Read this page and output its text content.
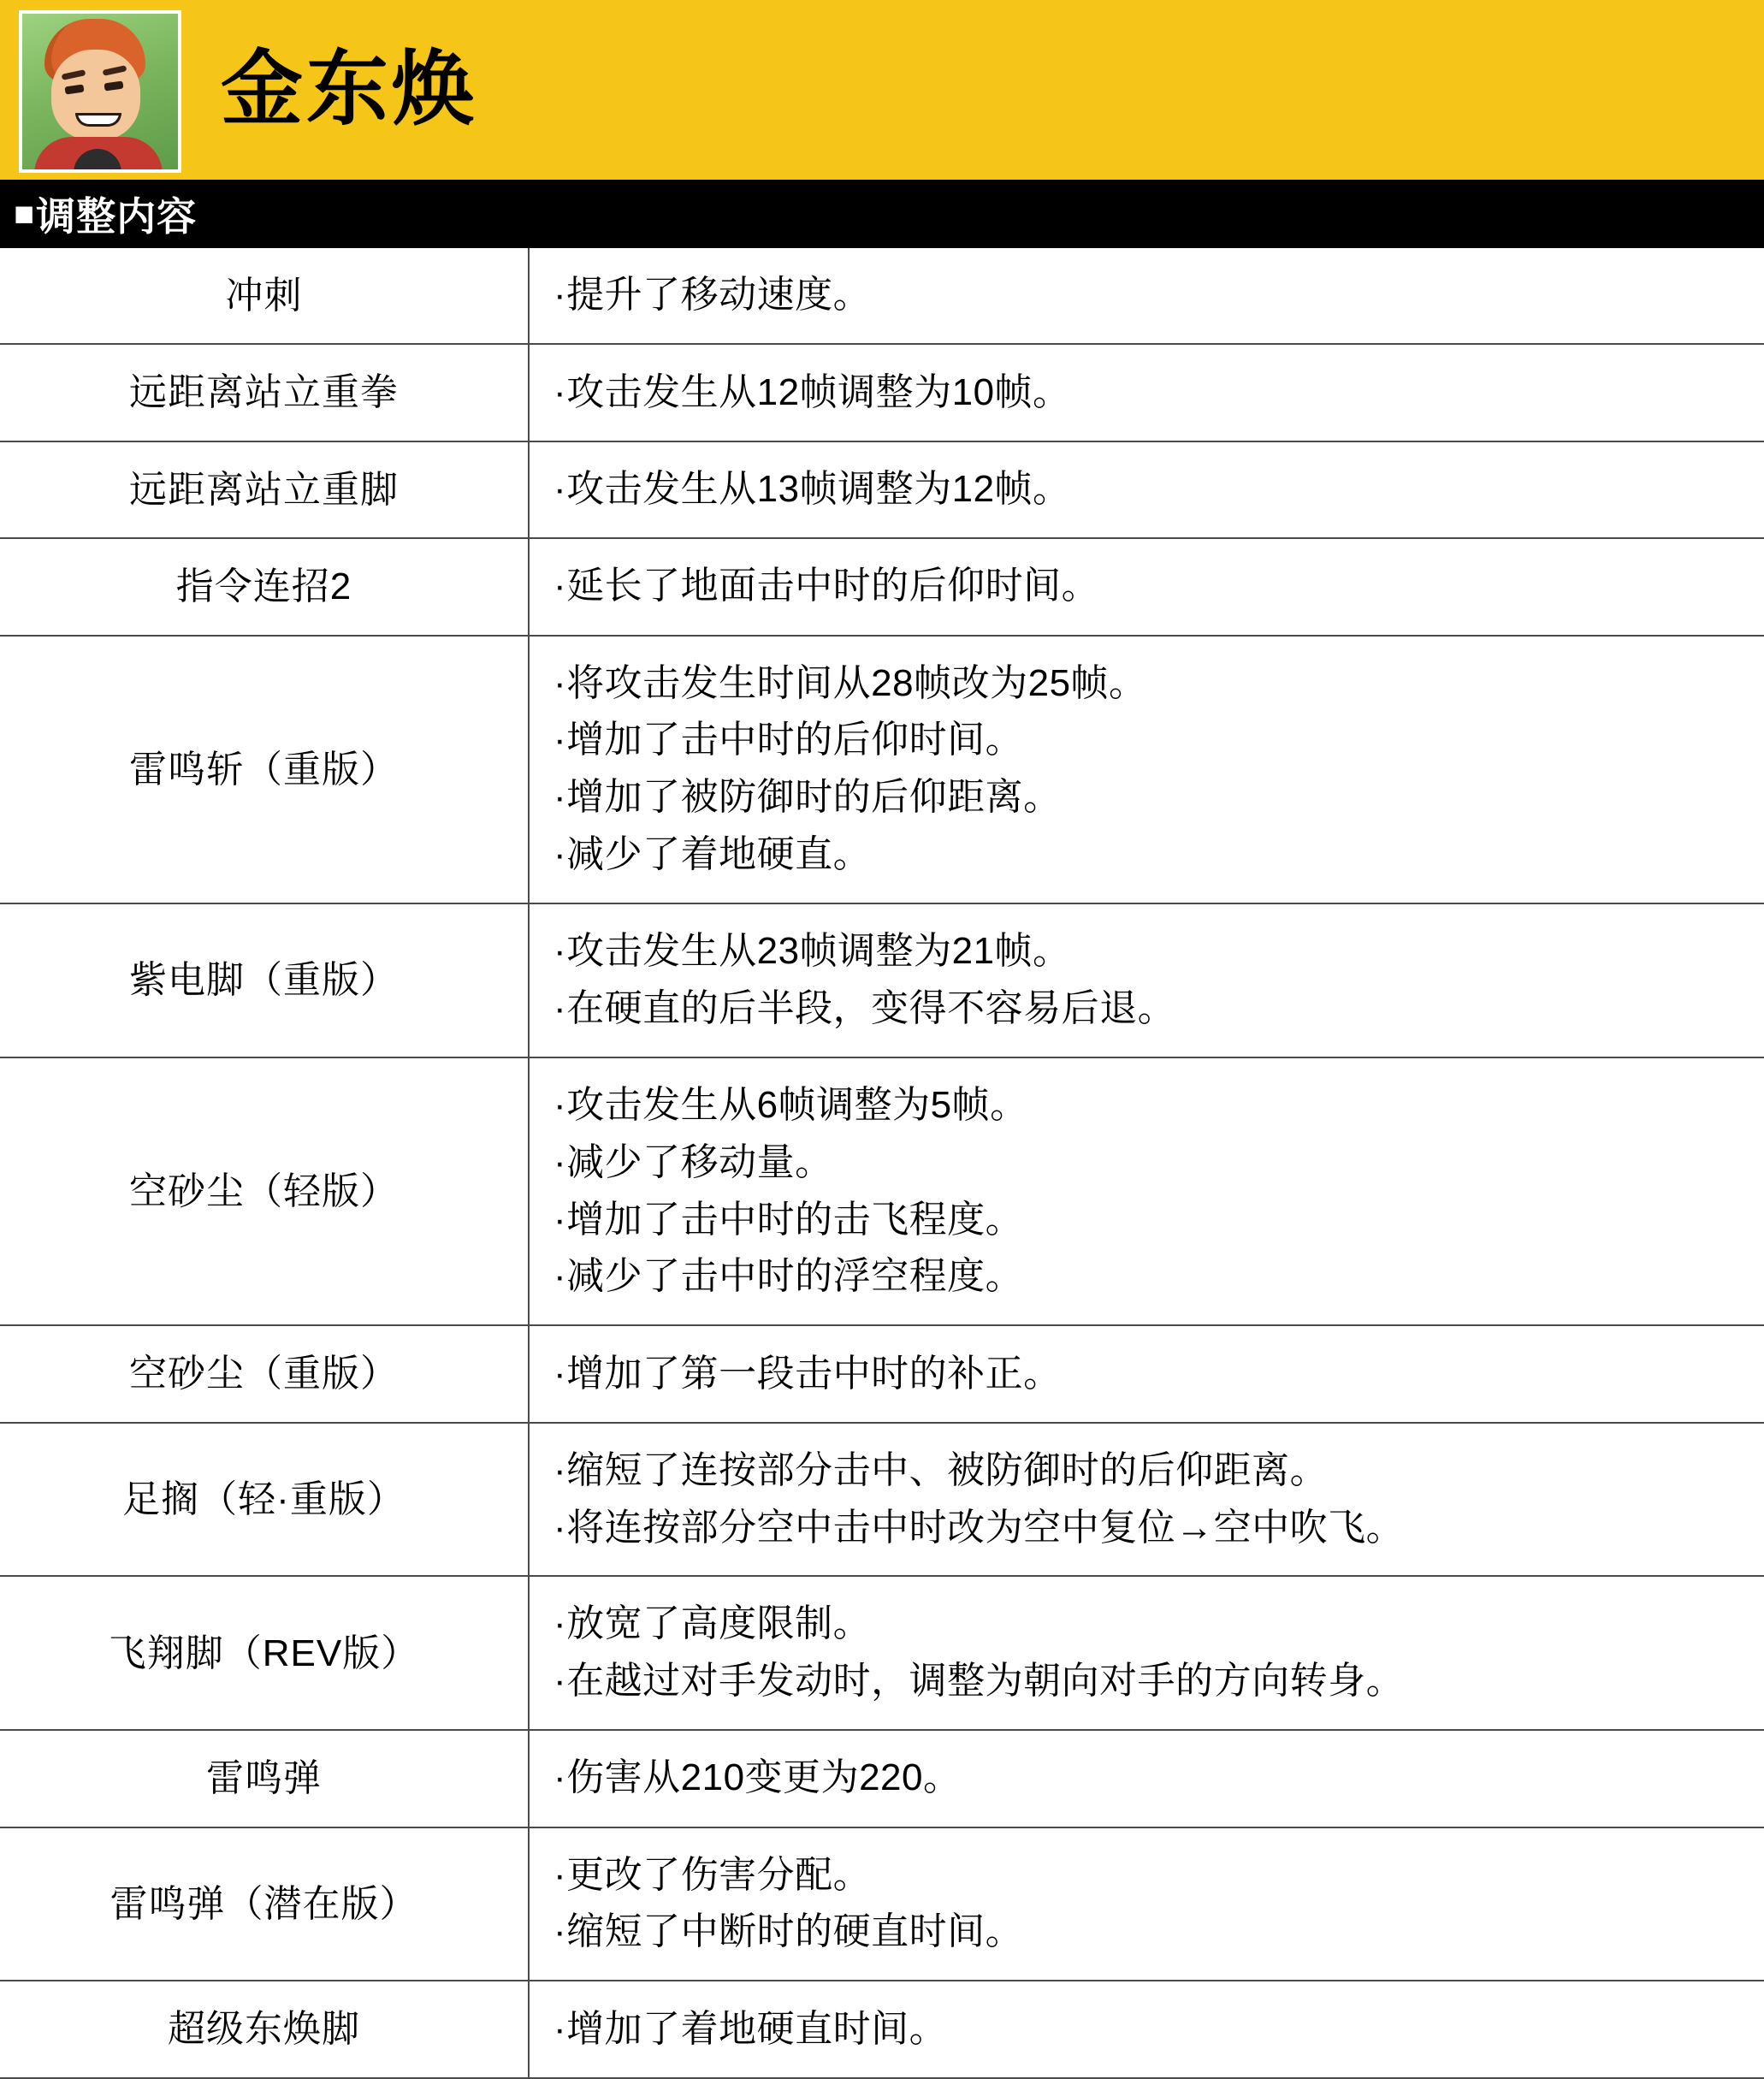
金东焕
■ 调整内容
冲刺	·提升了移动速度。

远距离站立重拳	·攻击发生从12帧调整为10帧。

远距离站立重脚	·攻击发生从13帧调整为12帧。

指令连招2	·延长了地面击中时的后仰时间。

雷鸣斩（重版）	·将攻击发生时间从28帧改为25帧。
·增加了击中时的后仰时间。
·增加了被防御时的后仰距离。
·减少了着地硬直。

紫电脚（重版）	·攻击发生从23帧调整为21帧。
·在硬直的后半段，变得不容易后退。

空砂尘（轻版）	·攻击发生从6帧调整为5帧。
·减少了移动量。
·增加了击中时的击飞程度。
·减少了击中时的浮空程度。

空砂尘（重版）	·增加了第一段击中时的补正。

足搁（轻·重版）	·缩短了连按部分击中、被防御时的后仰距离。
·将连按部分空中击中时改为空中复位→空中吹飞。

飞翔脚（REV版）	·放宽了高度限制。
·在越过对手发动时，调整为朝向对手的方向转身。

雷鸣弹	·伤害从210变更为220。

雷鸣弹（潜在版）	·更改了伤害分配。
·缩短了中断时的硬直时间。

超级东焕脚	·增加了着地硬直时间。
